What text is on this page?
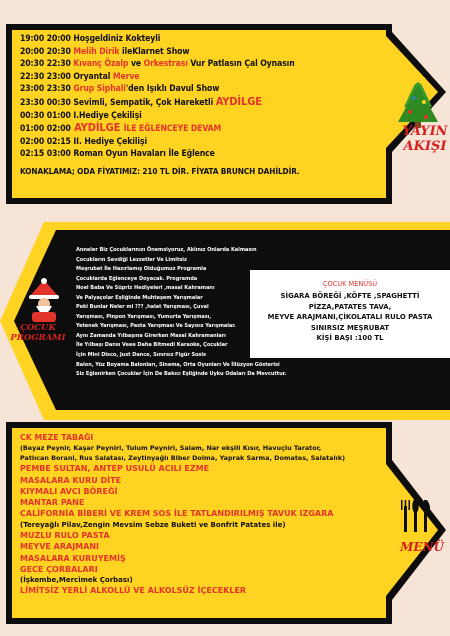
YAYIN
AKIŞI
19:00 20:00 Hoşgeldiniz Kokteyli
20:00 20:30 Melih Dirik ileKlarnet Show
20:30 22:30 Kıvanç Özalp ve Orkestrası Vur Patlasın Çal Oynasın
22:30 23:00 Oryantal Merve
23:00 23:30 Grup Siphali'den Işıklı Davul Show
23:30 00:30 Sevimli, Sempatik, Çok Hareketli AYDİLGE
00:30 01:00 I.Hediye Çekilişi
01:00 02:00 AYDİLGE İLE EĞLENCEYE DEVAM
02:00 02:15 II. Hediye Çekilişi
02:15 03:00 Roman Oyun Havaları İle Eğlence
KONAKLAMA; ODA FİYATIMIZ: 210 TL DİR. FİYATA BRUNCH DAHİLDİR.
ÇOCUK
PROGRAMI
Anneler Biz Çocuklarınızı Önemsiyoruz, Aklınız Onlarda Kalmasın
Çocukların Sevdiği Lezzetler Ve Limitsiz
Meşrubat İle Hazırlamış Olduğumuz Programla
Çocuklarda Eğlenceye Doyacak. Programda
Noel Baba Ve Süpriz Hediyeleri ,masal Kahramanı
Ve Palyaçolar Eşliğinde Muhteşem Yarışmalar
Peki Bunlar Neler mi ??? ,halat Yarışması, Çuval
Yarışması, Pinpon Yarışması, Yumurta Yarışması,
Yetenek Yarışması, Pasta Yarışması Ve Sayısız Yarışmalar.
Aynı Zamanda Yılbaşına Girerken Masal Kahramanları
İle Yılbaşı Dansı Veee Daha Bitmedi Karaoke, Çocuklar
İçin Mini Disco, Just Dance, Sınırsız Figür Sosis
Balon, Yüz Boyama Balonları, Sinema, Orta Oyunları Ve İllüzyon Gösterisi
Siz Eğlenirken Çocuklar İçin De Bakıcı Eşliğinde Uyku Odaları Da Mevcuttur.
ÇOCUK MENÜSÜ
SİGARA BÖREĞİ ,KÖFTE ,SPAGHETTİ
PİZZA,PATATES TAVA,
MEYVE ARAJMANI,ÇİKOLATALI RULO PASTA
SINIRSIZ MEŞRUBAT
KİŞİ BAŞI :100 TL
MENÜ
CK MEZE TABAĞI
(Beyaz Peynir, Kaşar Peyniri, Tulum Peyniri, Salam, Nar ekşili Kısır, Havuçlu Tarator,
Patlıcan Borani, Rus Salatası, Zeytinyağlı Biber Dolma, Yaprak Sarma, Domates, Salatalık)
PEMBE SULTAN, ANTEP USULÜ ACILI EZME
MASALARA KURU DİTE
KIYMALI AVCI BÖREĞİ
MANTAR PANE
CALİFORNİA BİBERİ VE KREM SOS İLE TATLANDIRILMIŞ TAVUK IZGARA
(Tereyağlı Pilav,Zengin Mevsim Sebze Buketi ve Bonfrit Patates ile)
MUZLU RULO PASTA
MEYVE ARAJMANI
MASALARA KURUYEMİŞ
GECE ÇORBALARI
(İşkembe,Mercimek Çorbası)
LİMİTSİZ YERLİ ALKOLLÜ VE ALKOLSÜZ İÇECEKLER
